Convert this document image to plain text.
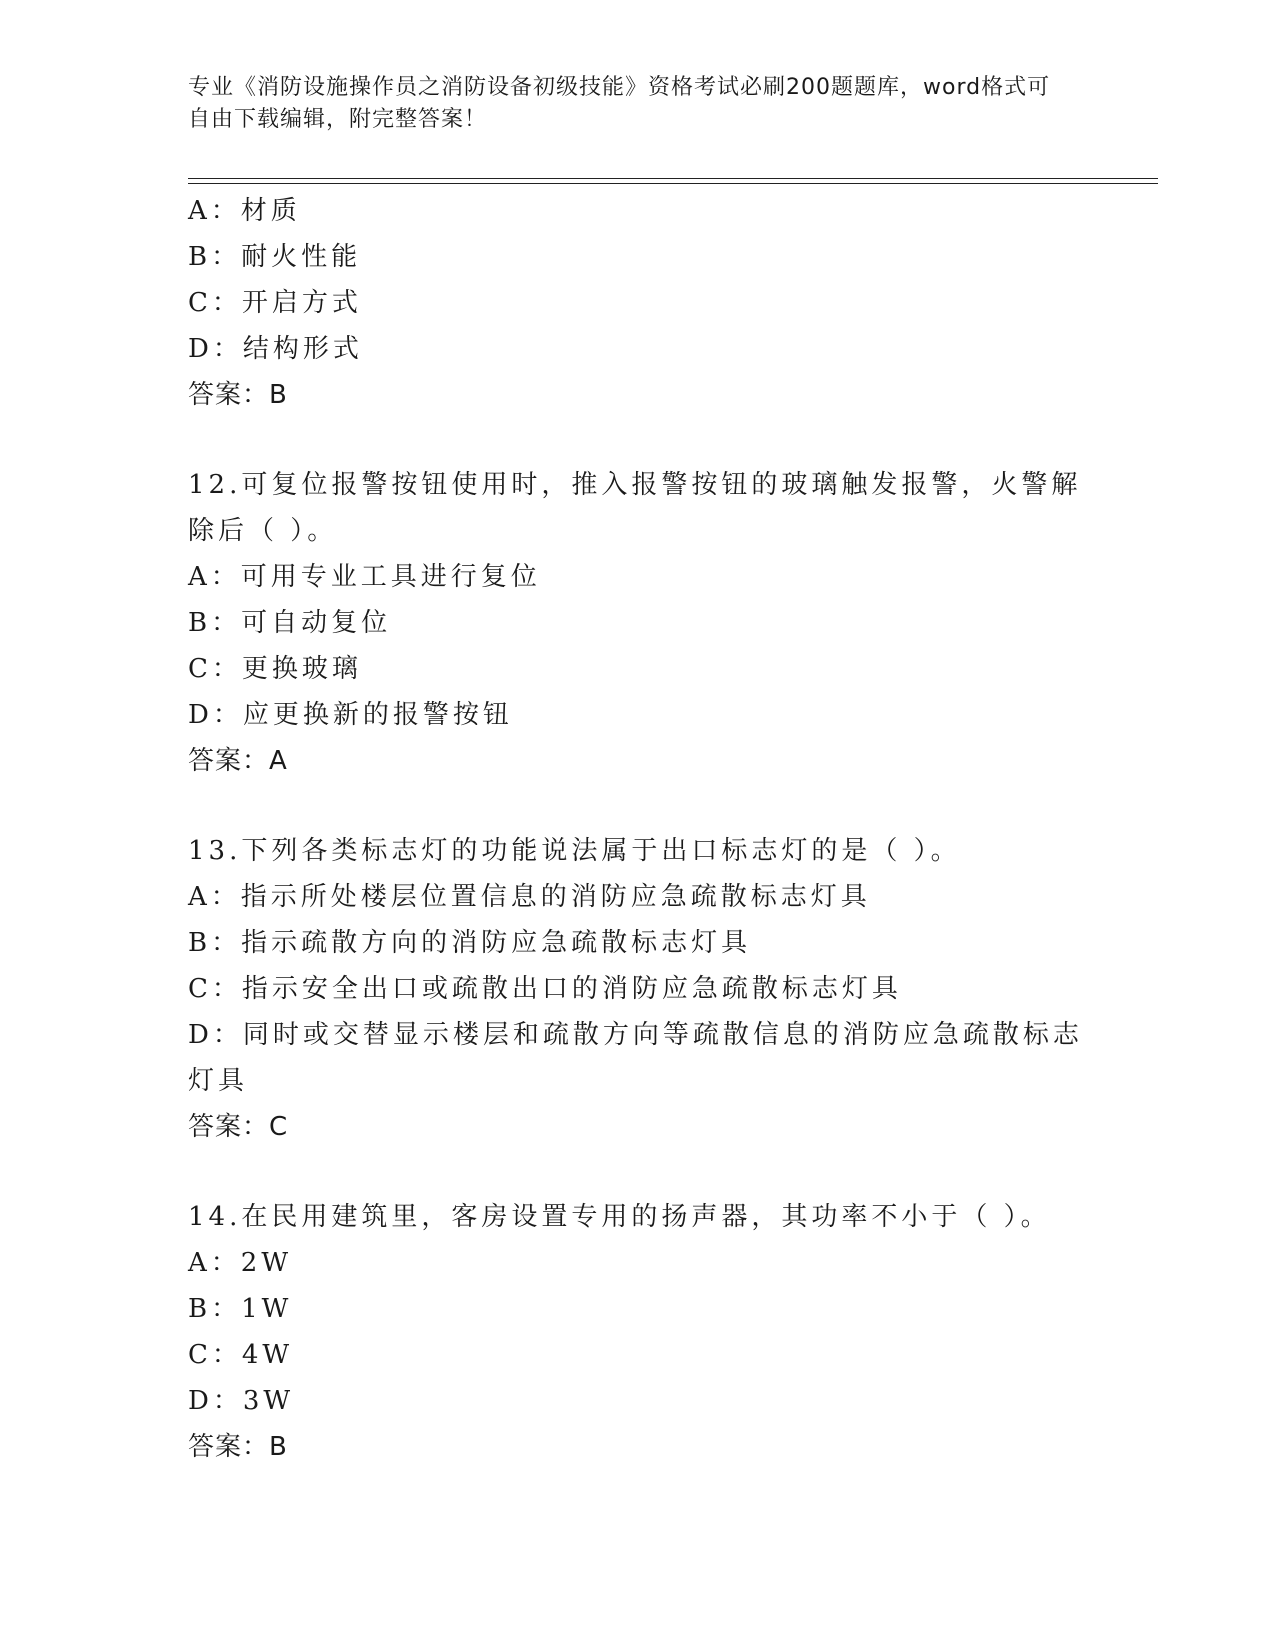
专业《消防设施操作员之消防设备初级技能》资格考试必刷200题题库，word格式可自由下载编辑，附完整答案！
A：材质
B：耐火性能
C：开启方式
D：结构形式
答案：B
12.可复位报警按钮使用时，推入报警按钮的玻璃触发报警，火警解除后（ ）。
A：可用专业工具进行复位
B：可自动复位
C：更换玻璃
D：应更换新的报警按钮
答案：A
13.下列各类标志灯的功能说法属于出口标志灯的是（ ）。
A：指示所处楼层位置信息的消防应急疏散标志灯具
B：指示疏散方向的消防应急疏散标志灯具
C：指示安全出口或疏散出口的消防应急疏散标志灯具
D：同时或交替显示楼层和疏散方向等疏散信息的消防应急疏散标志灯具
答案：C
14.在民用建筑里，客房设置专用的扬声器，其功率不小于（ ）。
A：2W
B：1W
C：4W
D：3W
答案：B
